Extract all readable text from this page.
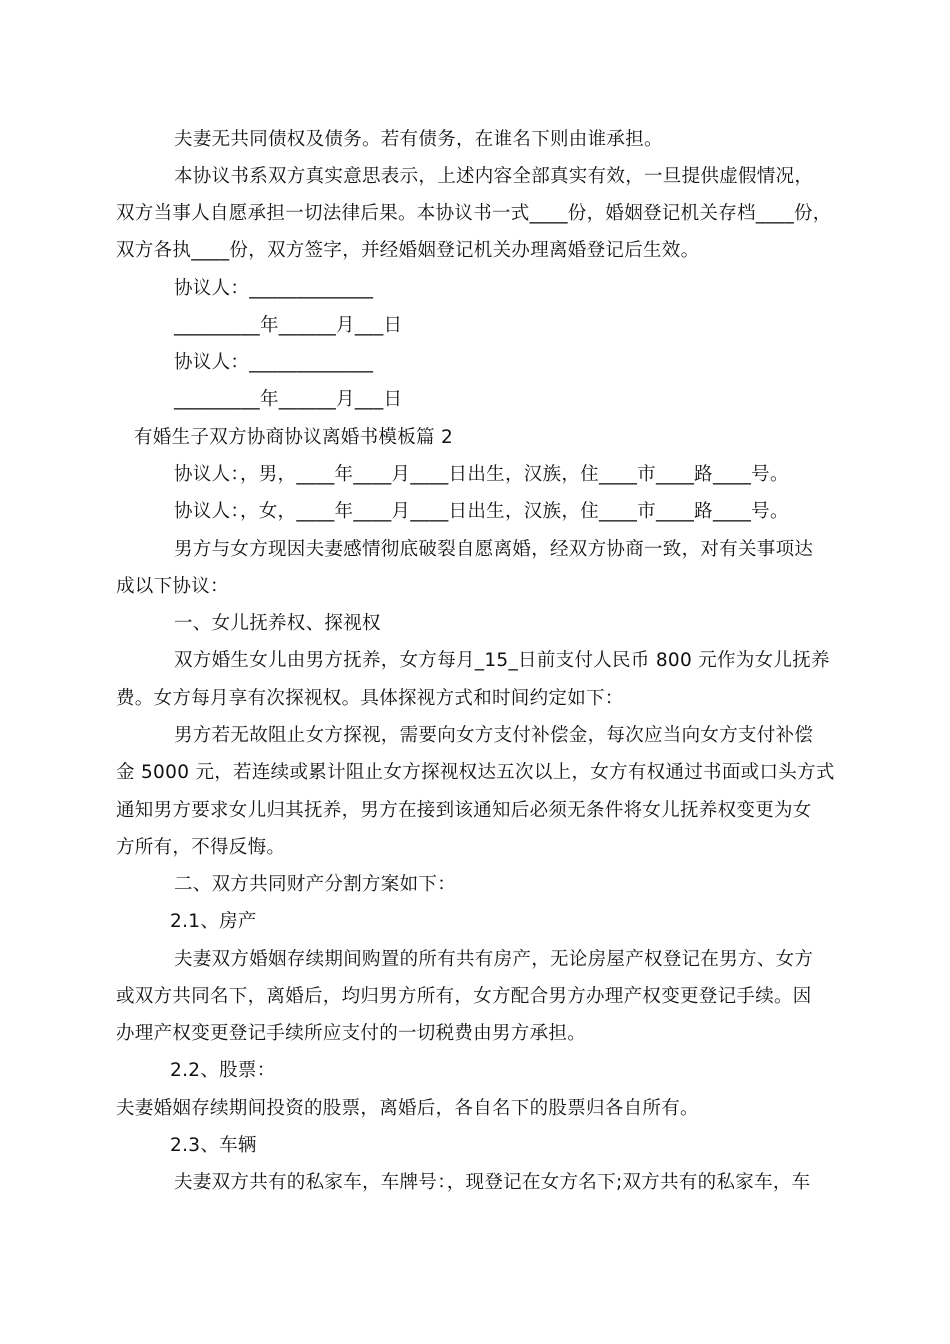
夫妻无共同债权及债务。若有债务，在谁名下则由谁承担。
本协议书系双方真实意思表示，上述内容全部真实有效，一旦提供虚假情况，
双方当事人自愿承担一切法律后果。本协议书一式____份，婚姻登记机关存档____份，
双方各执____份，双方签字，并经婚姻登记机关办理离婚登记后生效。
协议人：_____________
_________年______月___日
协议人：_____________
_________年______月___日
有婚生子双方协商协议离婚书模板篇 2
协议人：，男，____年____月____日出生，汉族，住____市____路____号。
协议人：，女，____年____月____日出生，汉族，住____市____路____号。
男方与女方现因夫妻感情彻底破裂自愿离婚，经双方协商一致，对有关事项达
成以下协议：
一、女儿抚养权、探视权
双方婚生女儿由男方抚养，女方每月_15_日前支付人民币 800 元作为女儿抚养
费。女方每月享有次探视权。具体探视方式和时间约定如下：
男方若无故阻止女方探视，需要向女方支付补偿金，每次应当向女方支付补偿
金 5000 元，若连续或累计阻止女方探视权达五次以上，女方有权通过书面或口头方式
通知男方要求女儿归其抚养，男方在接到该通知后必须无条件将女儿抚养权变更为女
方所有，不得反悔。
二、双方共同财产分割方案如下：
2.1、房产
夫妻双方婚姻存续期间购置的所有共有房产，无论房屋产权登记在男方、女方
或双方共同名下，离婚后，均归男方所有，女方配合男方办理产权变更登记手续。因
办理产权变更登记手续所应支付的一切税费由男方承担。
2.2、股票：
夫妻婚姻存续期间投资的股票，离婚后，各自名下的股票归各自所有。
2.3、车辆
夫妻双方共有的私家车，车牌号：，现登记在女方名下;双方共有的私家车，车
